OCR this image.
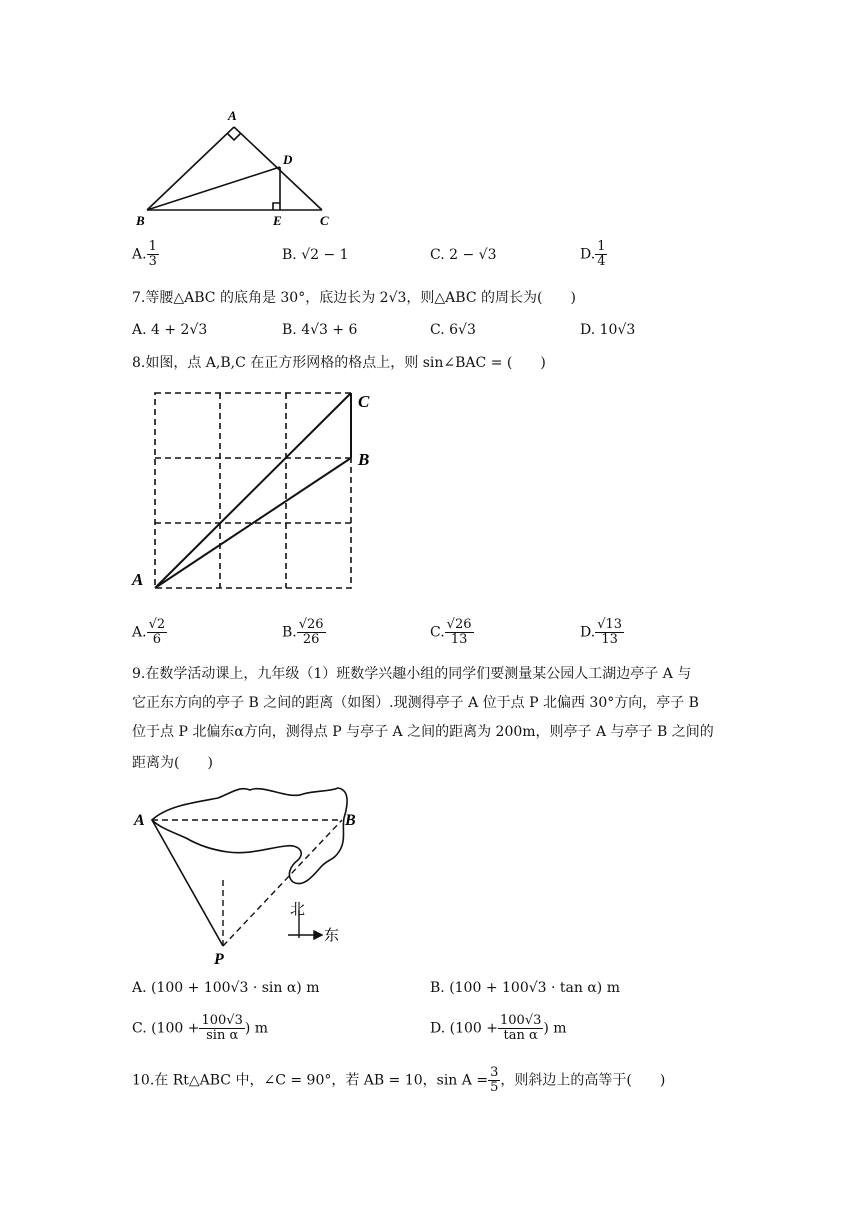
A
B	C
D
E
A. $\frac{1}{3}$	B. √2 − 1	C. 2 − √3	D. $\frac{1}{4}$
7.等腰△ABC 的底角是 30°，底边长为 2√3，则△ABC 的周长为(　　)
A. 4 + 2√3	B. 4√3 + 6	C. 6√3	D. 10√3
8.如图，点 A,B,C 在正方形网格的格点上，则 sin∠BAC = (　　)
A
B
C
A. $\frac{√2}{6}$	B. $\frac{√26}{26}$	C. $\frac{√26}{13}$	D. $\frac{√13}{13}$
9.在数学活动课上，九年级（1）班数学兴趣小组的同学们要测量某公园人工湖边亭子 A 与
它正东方向的亭子 B 之间的距离（如图）.现测得亭子 A 位于点 P 北偏西 30°方向，亭子 B
位于点 P 北偏东α方向，测得点 P 与亭子 A 之间的距离为 200m，则亭子 A 与亭子 B 之间的
距离为(　　)
A	B
P
北
东
A. (100 + 100√3 · sin α) m	B. (100 + 100√3 · tan α) m
C. ($100 + \frac{100√3}{\text{sin α}}$ ) m	D. ($100 + \frac{100√3}{\text{tan α}}$ ) m
10.在 Rt△ABC 中，∠C = 90°，若 AB = 10，$\sin A = \frac{3}{5}$ ，则斜边上的高等于(　　)
